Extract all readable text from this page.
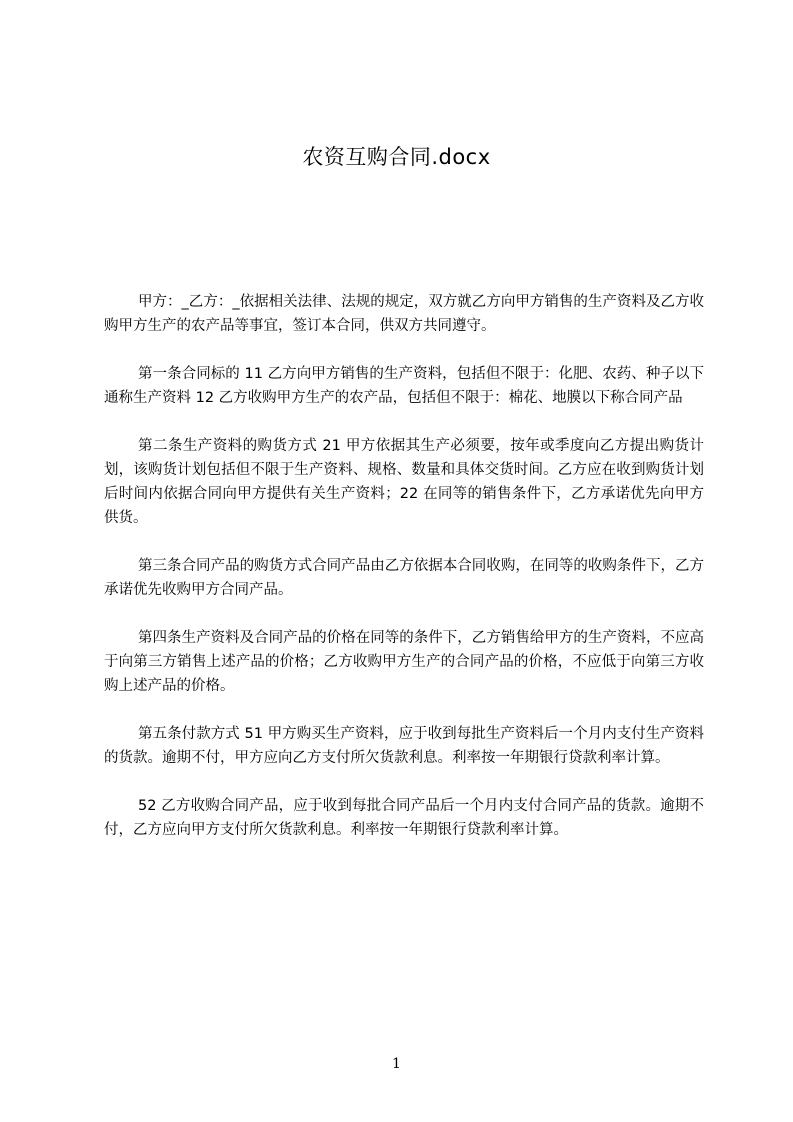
农资互购合同.docx

甲方：_乙方：_依据相关法律、法规的规定，双方就乙方向甲方销售的生产资料及乙方收购甲方生产的农产品等事宜，签订本合同，供双方共同遵守。

第一条合同标的 11 乙方向甲方销售的生产资料，包括但不限于：化肥、农药、种子以下通称生产资料 12 乙方收购甲方生产的农产品，包括但不限于：棉花、地膜以下称合同产品

第二条生产资料的购货方式 21 甲方依据其生产必须要，按年或季度向乙方提出购货计划，该购货计划包括但不限于生产资料、规格、数量和具体交货时间。乙方应在收到购货计划后时间内依据合同向甲方提供有关生产资料；22 在同等的销售条件下，乙方承诺优先向甲方供货。

第三条合同产品的购货方式合同产品由乙方依据本合同收购，在同等的收购条件下，乙方承诺优先收购甲方合同产品。

第四条生产资料及合同产品的价格在同等的条件下，乙方销售给甲方的生产资料，不应高于向第三方销售上述产品的价格；乙方收购甲方生产的合同产品的价格，不应低于向第三方收购上述产品的价格。

第五条付款方式 51 甲方购买生产资料，应于收到每批生产资料后一个月内支付生产资料的货款。逾期不付，甲方应向乙方支付所欠货款利息。利率按一年期银行贷款利率计算。

52 乙方收购合同产品，应于收到每批合同产品后一个月内支付合同产品的货款。逾期不付，乙方应向甲方支付所欠货款利息。利率按一年期银行贷款利率计算。

1
